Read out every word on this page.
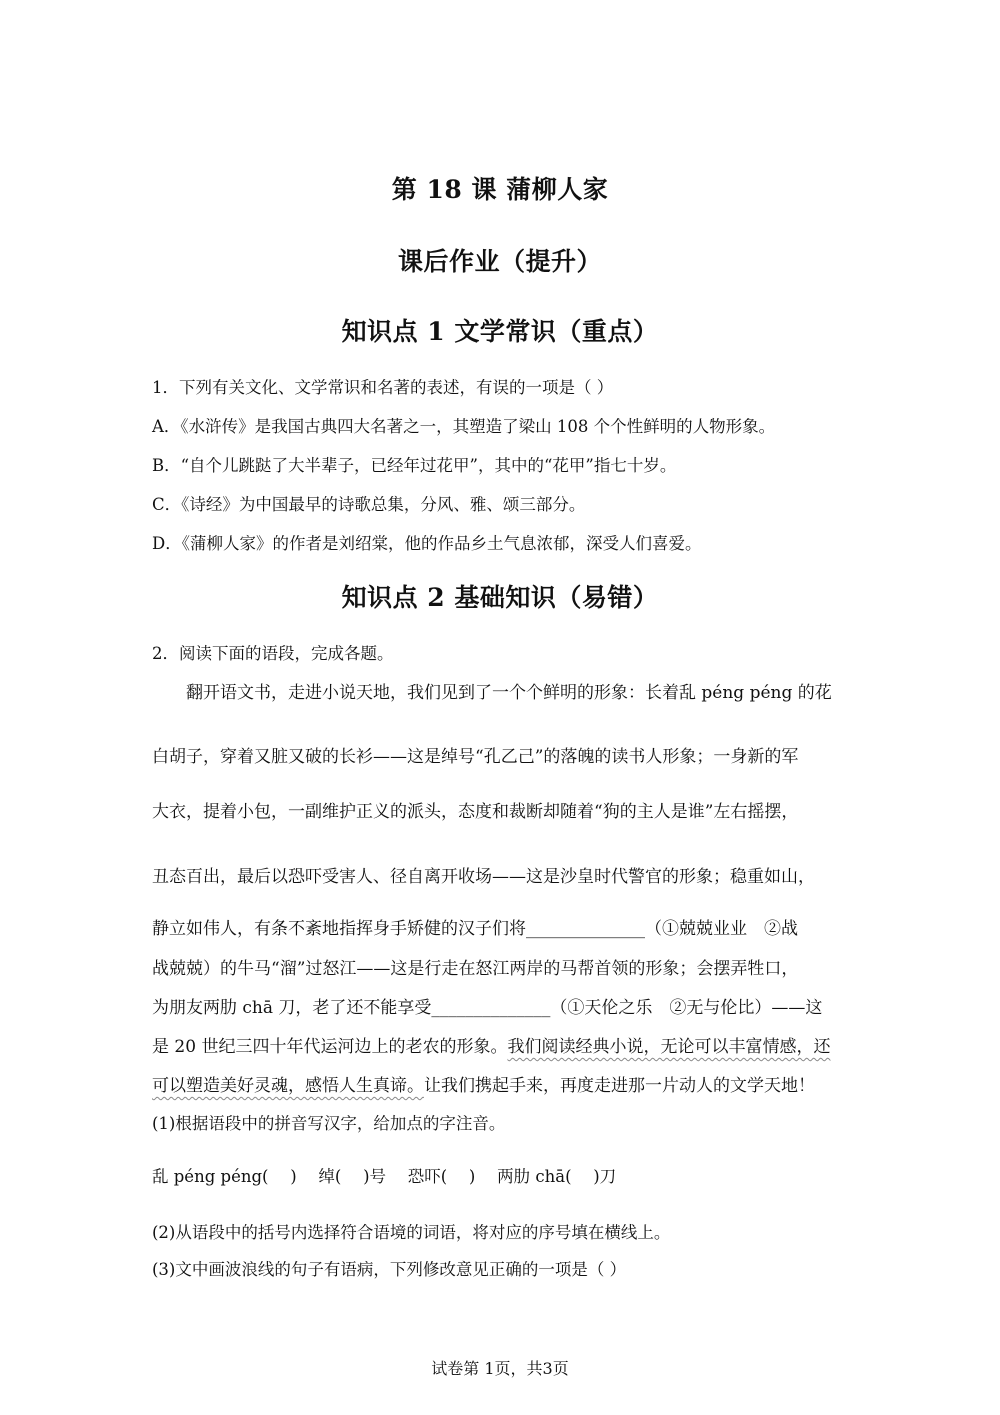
第 18 课 蒲柳人家
课后作业（提升）
知识点 1 文学常识（重点）
1．下列有关文化、文学常识和名著的表述，有误的一项是（ ）
A．《水浒传》是我国古典四大名著之一，其塑造了梁山 108 个个性鲜明的人物形象。
B．“自个儿跳跶了大半辈子，已经年过花甲”，其中的“花甲”指七十岁。
C．《诗经》为中国最早的诗歌总集，分风、雅、颂三部分。
D．《蒲柳人家》的作者是刘绍棠，他的作品乡土气息浓郁，深受人们喜爱。
知识点 2 基础知识（易错）
2．阅读下面的语段，完成各题。
　　翻开语文书，走进小说天地，我们见到了一个个鲜明的形象：长着乱 péng péng 的花
白胡子，穿着又脏又破的长衫——这是绰号“孔乙己”的落魄的读书人形象；一身新的军
大衣，提着小包，一副维护正义的派头，态度和裁断却随着“狗的主人是谁”左右摇摆，
丑态百出，最后以恐吓受害人、径自离开收场——这是沙皇时代警官的形象；稳重如山，
静立如伟人，有条不紊地指挥身手矫健的汉子们将______________（①兢兢业业　②战
战兢兢）的牛马“溜”过怒江——这是行走在怒江两岸的马帮首领的形象；会摆弄牲口，
为朋友两肋 chā 刀，老了还不能享受______________（①天伦之乐　②无与伦比）——这
是 20 世纪三四十年代运河边上的老农的形象。我们阅读经典小说，无论可以丰富情感，还
可以塑造美好灵魂，感悟人生真谛。让我们携起手来，再度走进那一片动人的文学天地！
(1)根据语段中的拼音写汉字，给加点的字注音。
乱 péng péng(　 )　 绰(　 )号　 恐吓(　 )　 两肋 chā(　 )刀
(2)从语段中的括号内选择符合语境的词语，将对应的序号填在横线上。
(3)文中画波浪线的句子有语病，下列修改意见正确的一项是（ ）
试卷第 1页，共3页
